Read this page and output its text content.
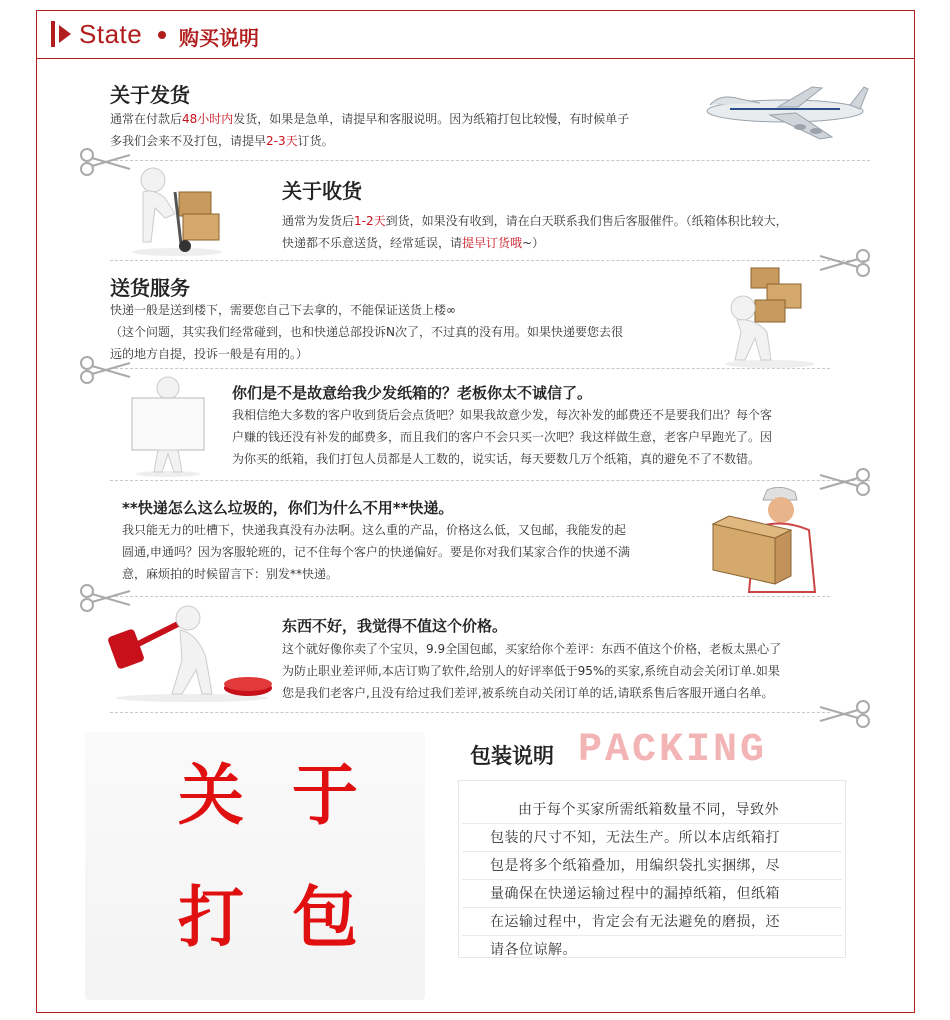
State 购买说明
关于发货

通常在付款后48小时内发货，如果是急单，请提早和客服说明。因为纸箱打包比较慢，有时候单子

多我们会来不及打包，请提早2-3天订货。

关于收货

通常为发货后1-2天到货，如果没有收到，请在白天联系我们售后客服催件。（纸箱体积比较大，

快递都不乐意送货，经常延误，请提早订货哦~）

送货服务

快递一般是送到楼下，需要您自己下去拿的，不能保证送货上楼∞

（这个问题，其实我们经常碰到，也和快递总部投诉N次了，不过真的没有用。如果快递要您去很

远的地方自提，投诉一般是有用的。）

你们是不是故意给我少发纸箱的？老板你太不诚信了。

我相信绝大多数的客户收到货后会点货吧？如果我故意少发，每次补发的邮费还不是要我们出？每个客

户赚的钱还没有补发的邮费多，而且我们的客户不会只买一次吧？我这样做生意，老客户早跑光了。因

为你买的纸箱，我们打包人员都是人工数的，说实话，每天要数几万个纸箱，真的避免不了不数错。

**快递怎么这么垃圾的，你们为什么不用**快递。

我只能无力的吐槽下，快递我真没有办法啊。这么重的产品，价格这么低，又包邮，我能发的起

圆通,申通吗？因为客服轮班的，记不住每个客户的快递偏好。要是你对我们某家合作的快递不满

意，麻烦拍的时候留言下：别发**快递。

东西不好，我觉得不值这个价格。

这个就好像你卖了个宝贝，9.9全国包邮，买家给你个差评：东西不值这个价格，老板太黑心了

为防止职业差评师,本店订购了软件,给别人的好评率低于95%的买家,系统自动会关闭订单.如果

您是我们老客户,且没有给过我们差评,被系统自动关闭订单的话,请联系售后客服开通白名单。

关 于
打 包
包装说明 PACKING

由于每个买家所需纸箱数量不同，导致外

包装的尺寸不知，无法生产。所以本店纸箱打

包是将多个纸箱叠加，用编织袋扎实捆绑，尽

量确保在快递运输过程中的漏掉纸箱，但纸箱

在运输过程中，肯定会有无法避免的磨损，还

请各位谅解。
